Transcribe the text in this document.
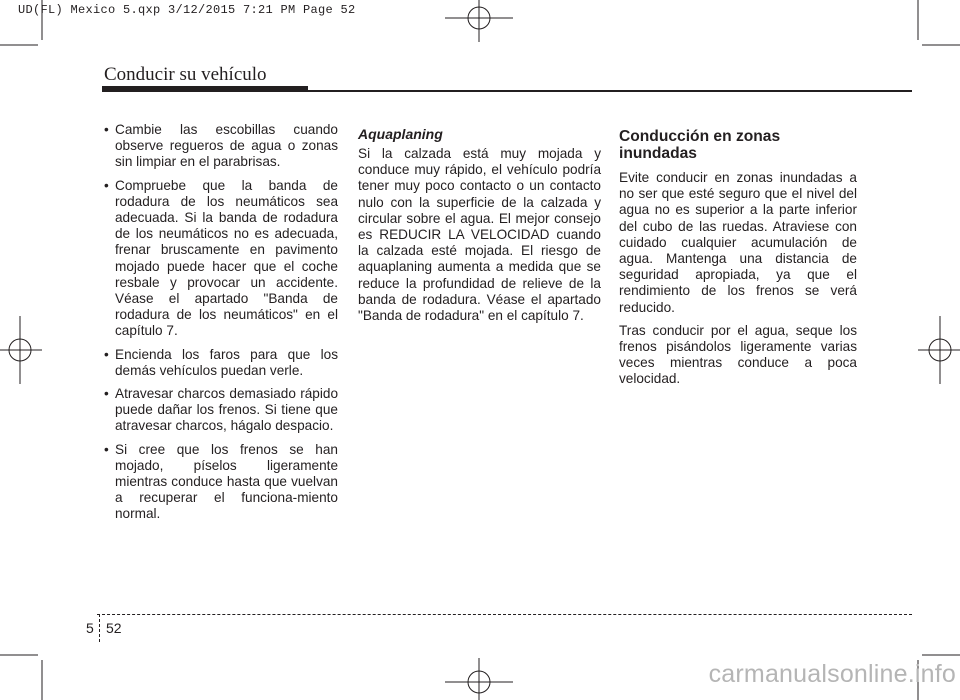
UD(FL) Mexico 5.qxp 3/12/2015 7:21 PM Page 52
Conducir su vehículo
• Cambie las escobillas cuando observe regueros de agua o zonas sin limpiar en el parabrisas.
• Compruebe que la banda de rodadura de los neumáticos sea adecuada. Si la banda de rodadura de los neumáticos no es adecuada, frenar bruscamente en pavimento mojado puede hacer que el coche resbale y provocar un accidente. Véase el apartado "Banda de rodadura de los neumáticos" en el capítulo 7.
• Encienda los faros para que los demás vehículos puedan verle.
• Atravesar charcos demasiado rápido puede dañar los frenos. Si tiene que atravesar charcos, hágalo despacio.
• Si cree que los frenos se han mojado, píselos ligeramente mientras conduce hasta que vuelvan a recuperar el funciona-miento normal.
Aquaplaning

Si la calzada está muy mojada y conduce muy rápido, el vehículo podría tener muy poco contacto o un contacto nulo con la superficie de la calzada y circular sobre el agua. El mejor consejo es REDUCIR LA VELOCIDAD cuando la calzada esté mojada. El riesgo de aquaplaning aumenta a medida que se reduce la profundidad de relieve de la banda de rodadura. Véase el apartado "Banda de rodadura" en el capítulo 7.

Conducción en zonas inundadas

Evite conducir en zonas inundadas a no ser que esté seguro que el nivel del agua no es superior a la parte inferior del cubo de las ruedas. Atraviese con cuidado cualquier acumulación de agua. Mantenga una distancia de seguridad apropiada, ya que el rendimiento de los frenos se verá reducido.

Tras conducir por el agua, seque los frenos pisándolos ligeramente varias veces mientras conduce a poca velocidad.

5 52
carmanualsonline.info
